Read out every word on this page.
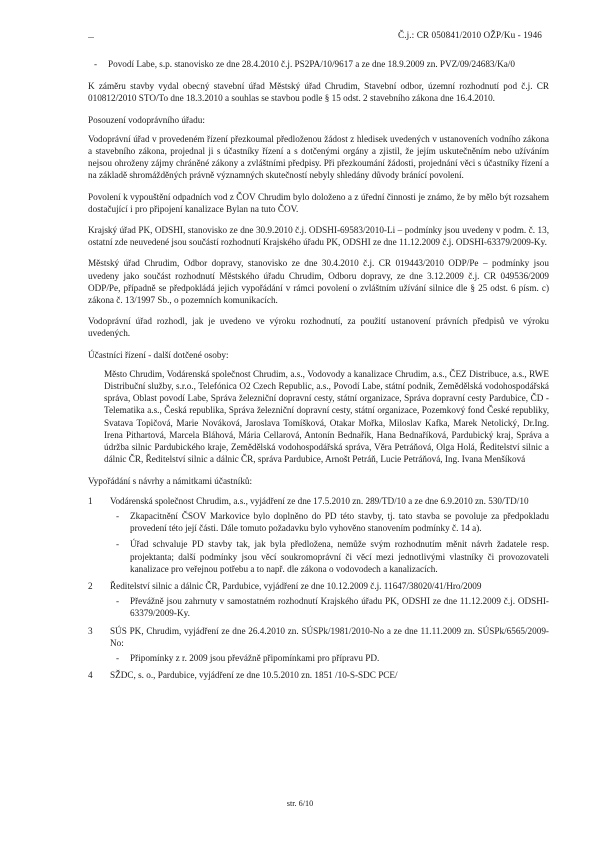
Č.j.: CR 050841/2010 OŽP/Ku - 1946

- Povodí Labe, s.p. stanovisko ze dne 28.4.2010 č.j. PS2PA/10/9617 a ze dne 18.9.2009 zn. PVZ/09/24683/Ka/0

K záměru stavby vydal obecný stavební úřad Městský úřad Chrudim, Stavební odbor, územní rozhodnutí pod č.j. CR 010812/2010 STO/To dne 18.3.2010 a souhlas se stavbou podle § 15 odst. 2 stavebního zákona dne 16.4.2010.

Posouzení vodoprávního úřadu:

Vodoprávní úřad v provedeném řízení přezkoumal předloženou žádost z hledisek uvedených v ustanoveních vodního zákona a stavebního zákona, projednal ji s účastníky řízení a s dotčenými orgány a zjistil, že jejím uskutečněním nebo užíváním nejsou ohroženy zájmy chráněné zákony a zvláštními předpisy. Při přezkoumání žádosti, projednání věci s účastníky řízení a na základě shromážděných právně významných skutečností nebyly shledány důvody bránící povolení.

Povolení k vypouštění odpadních vod z ČOV Chrudim bylo doloženo a z úřední činnosti je známo, že by mělo být rozsahem dostačující i pro připojení kanalizace Bylan na tuto ČOV.

Krajský úřad PK, ODSHI, stanovisko ze dne 30.9.2010 č.j. ODSHI-69583/2010-Li – podmínky jsou uvedeny v podm. č. 13, ostatní zde neuvedené jsou součástí rozhodnutí Krajského úřadu PK, ODSHI ze dne 11.12.2009 č.j. ODSHI-63379/2009-Ky.

Městský úřad Chrudim, Odbor dopravy, stanovisko ze dne 30.4.2010 č.j. CR 019443/2010 ODP/Pe – podmínky jsou uvedeny jako součást rozhodnutí Městského úřadu Chrudim, Odboru dopravy, ze dne 3.12.2009 č.j. CR 049536/2009 ODP/Pe, případně se předpokládá jejich vypořádání v rámci povolení o zvláštním užívání silnice dle § 25 odst. 6 písm. c) zákona č. 13/1997 Sb., o pozemních komunikacích.

Vodoprávní úřad rozhodl, jak je uvedeno ve výroku rozhodnutí, za použití ustanovení právních předpisů ve výroku uvedených.

Účastníci řízení - další dotčené osoby:

Město Chrudim, Vodárenská společnost Chrudim, a.s., Vodovody a kanalizace Chrudim, a.s., ČEZ Distribuce, a.s., RWE Distribuční služby, s.r.o., Telefónica O2 Czech Republic, a.s., Povodí Labe, státní podnik, Zemědělská vodohospodářská správa, Oblast povodí Labe, Správa železniční dopravní cesty, státní organizace, Správa dopravní cesty Pardubice, ČD - Telematika a.s., Česká republika, Správa železniční dopravní cesty, státní organizace, Pozemkový fond České republiky, Svatava Topičová, Marie Nováková, Jaroslava Tomíšková, Otakar Mořka, Miloslav Kafka, Marek Netolický, Dr.Ing. Irena Pithartová, Marcela Bláhová, Mária Cellarová, Antonín Bednařík, Hana Bednaříková, Pardubický kraj, Správa a údržba silnic Pardubického kraje, Zemědělská vodohospodářská správa, Věra Petráňová, Olga Holá, Ředitelství silnic a dálnic ČR, Ředitelství silnic a dálnic ČR, správa Pardubice, Arnošt Petráň, Lucie Petráňová, Ing. Ivana Menšíková

Vypořádání s návrhy a námitkami účastníků:

1 Vodárenská společnost Chrudim, a.s., vyjádření ze dne 17.5.2010 zn. 289/TD/10 a ze dne 6.9.2010 zn. 530/TD/10

- Zkapacitnění ČSOV Markovice bylo doplněno do PD této stavby, tj. tato stavba se povoluje za předpokladu provedení této její části. Dále tomuto požadavku bylo vyhověno stanovením podmínky č. 14 a).

- Úřad schvaluje PD stavby tak, jak byla předložena, nemůže svým rozhodnutím měnit návrh žadatele resp. projektanta; další podmínky jsou věcí soukromoprávní či věcí mezi jednotlivými vlastníky či provozovateli kanalizace pro veřejnou potřebu a to např. dle zákona o vodovodech a kanalizacích.

2 Ředitelství silnic a dálnic ČR, Pardubice, vyjádření ze dne 10.12.2009 č.j. 11647/38020/41/Hro/2009

- Převážně jsou zahrnuty v samostatném rozhodnutí Krajského úřadu PK, ODSHI ze dne 11.12.2009 č.j. ODSHI-63379/2009-Ky.

3 SÚS PK, Chrudim, vyjádření ze dne 26.4.2010 zn. SÚSPk/1981/2010-No a ze dne 11.11.2009 zn. SÚSPk/6565/2009-No:

- Připomínky z r. 2009 jsou převážně připomínkami pro přípravu PD.

4 SŽDC, s. o., Pardubice, vyjádření ze dne 10.5.2010 zn. 1851 /10-S-SDC PCE/
str. 6/10
